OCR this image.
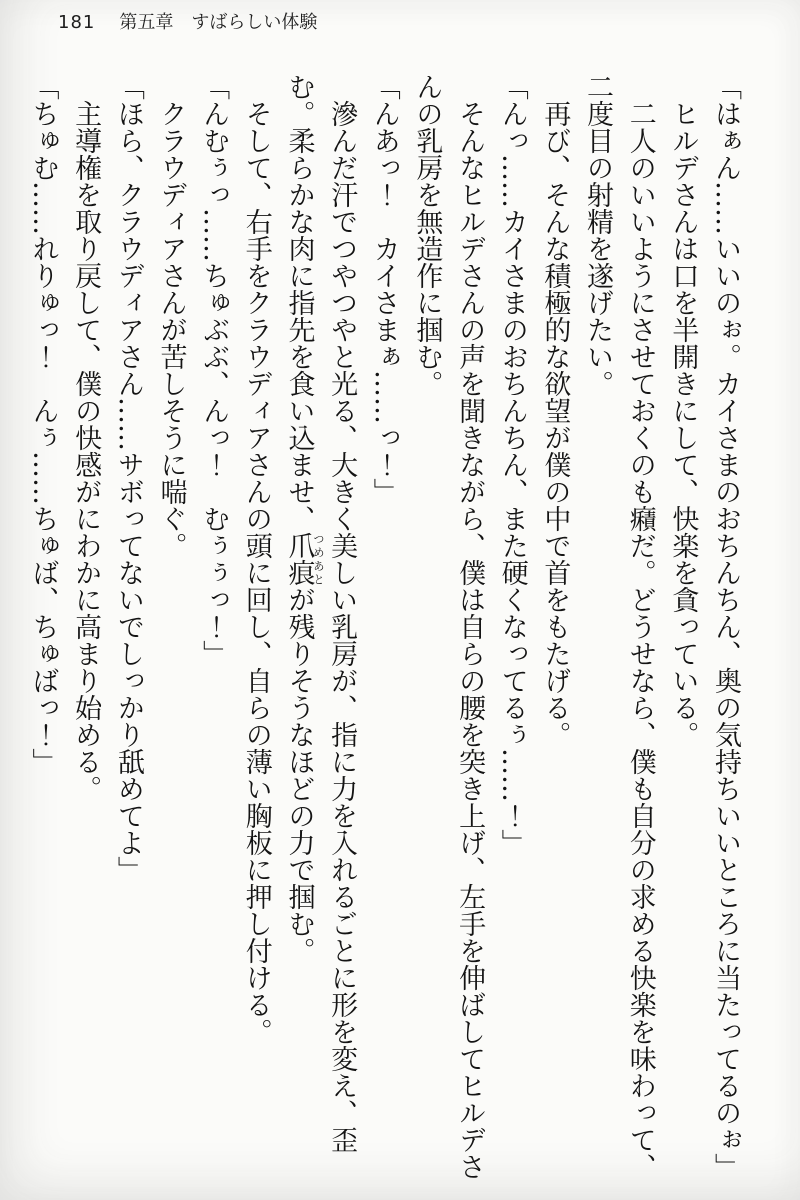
181 第五章　すばらしい体験

「はぁん……いいのぉ。カイさまのおちんちん、奥の気持ちいいところに当たってるのぉ」

ヒルデさんは口を半開きにして、快楽を貪っている。

二人のいいようにさせておくのも癪だ。どうせなら、僕も自分の求める快楽を味わって、二度目の射精を遂げたい。

再び、そんな積極的な欲望が僕の中で首をもたげる。

「んっ……カイさまのおちんちん、また硬くなってるぅ……！」

そんなヒルデさんの声を聞きながら、僕は自らの腰を突き上げ、左手を伸ばしてヒルデさんの乳房を無造作に掴む。

「んあっ！　カイさまぁ……っ！」

滲んだ汗でつやつやと光る、大きく美しい乳房が、指に力を入れるごとに形を変え、歪む。柔らかな肉に指先を食い込ませ、爪痕つめあとが残りそうなほどの力で掴む。

そして、右手をクラウディアさんの頭に回し、自らの薄い胸板に押し付ける。

「んむぅっ……ちゅぶぶ、んっ！　むぅぅっ！」

クラウディアさんが苦しそうに喘ぐ。

「ほら、クラウディアさん……サボってないでしっかり舐めてよ」

主導権を取り戻して、僕の快感がにわかに高まり始める。

「ちゅむ……れりゅっ！　んぅ……ちゅば、ちゅばっ！」
